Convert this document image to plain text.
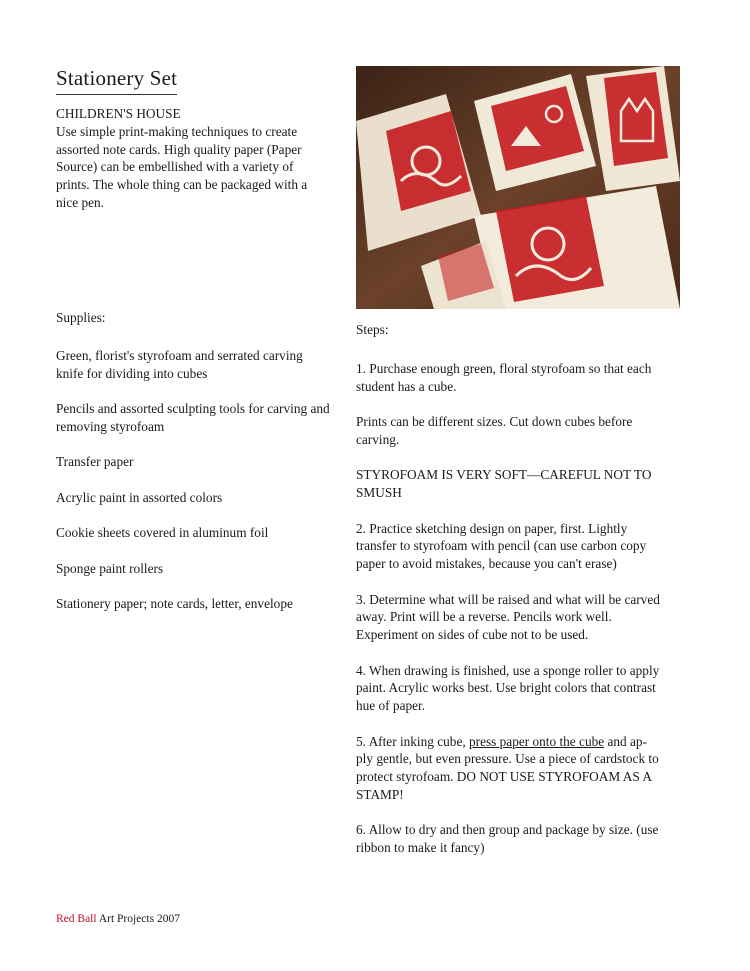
Stationery Set
CHILDREN'S HOUSE
Use simple print-making techniques to create assorted note cards. High quality paper (Paper Source) can be embellished with a variety of prints. The whole thing can be packaged with a nice pen.
Supplies:
Green, florist's styrofoam and serrated carving knife for dividing into cubes
Pencils and assorted sculpting tools for carving and removing styrofoam
Transfer paper
Acrylic paint in assorted colors
Cookie sheets covered in aluminum foil
Sponge paint rollers
Stationery paper; note cards, letter, envelope
Steps:

1. Purchase enough green, floral styrofoam so that each student has a cube.

Prints can be different sizes. Cut down cubes before carving.

STYROFOAM IS VERY SOFT—CAREFUL NOT TO SMUSH

2. Practice sketching design on paper, first. Lightly transfer to styrofoam with pencil (can use carbon copy paper to avoid mistakes, because you can't erase)

3. Determine what will be raised and what will be carved away. Print will be a reverse. Pencils work well. Experiment on sides of cube not to be used.

4. When drawing is finished, use a sponge roller to apply paint. Acrylic works best. Use bright colors that contrast hue of paper.

5. After inking cube, press paper onto the cube and ap-ply gentle, but even pressure. Use a piece of cardstock to protect styrofoam. DO NOT USE STYROFOAM AS A STAMP!

6. Allow to dry and then group and package by size. (use ribbon to make it fancy)

Red Ball Art Projects 2007
